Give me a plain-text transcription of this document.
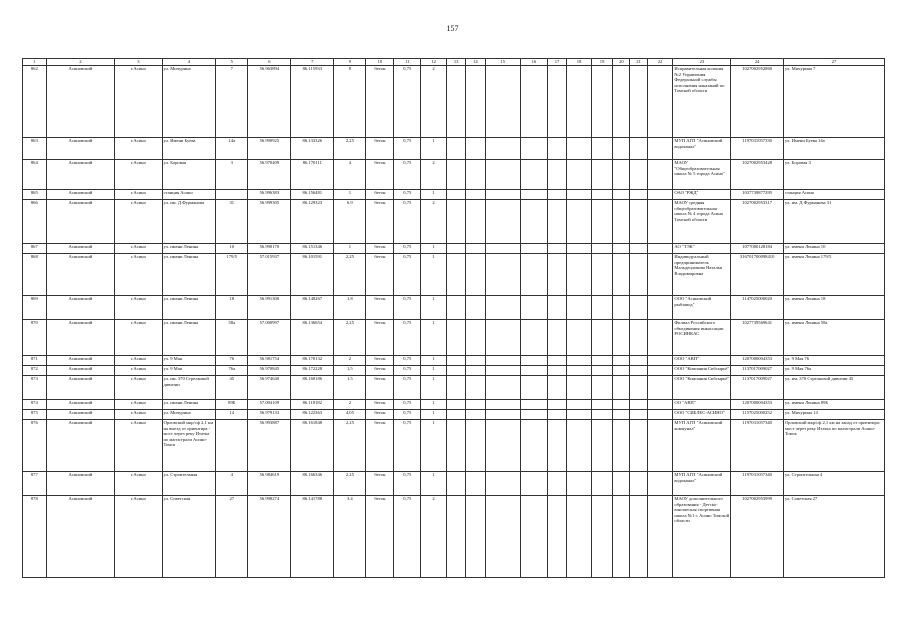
157
1	2	3	4	5	6	7	9	10	11	12	13	14	15	16	17	18	19	20	21	22	23	24	27
862	Асиновский	г.Асино	ул. Мичурина	7	56.963894	86.115933	8	бетон	0,75	2											Исправительная колония №2 Управления Федеральной службы исполнения наказаний по Томской области	1027002952860	ул. Мичурина 7
863	Асиновский	г.Асино	ул. Имени Буева	14а	56.990925	86.133326	2,25	бетон	0,75	1											МУП АГП "Асиновский водоканал"	1197031057330	ул. Имени Буева 14а
864	Асиновский	г.Асино	ул. Боровая	3	56.970409	86.170111	4	бетон	0,75	2											МАОУ "Общеобразовательная школа № 5 города Асино"	1027002953428	ул. Боровая 3
865	Асиновский	г.Асино	станция Асино		56.996383	86.156481	1	бетон	0,75	1											ОАО "РЖД"	1037739877295	станция Асино
866	Асиновский	г.Асино	ул. им. Д.Фурманова	31	56.999305	86.129323	6.9	бетон	0,75	2											МАОУ средняя общеобразовательная школа № 4 города Асино Томской области	1027002953317	ул. им. Д.Фурманова 31
867	Асиновский	г.Асино	ул. имени Ленина	10	56.990170	86.151346	1	бетон	0,75	1											АО "ТЭК"	1077000128184	ул. имени Ленина 10
868	Асиновский	г.Асино	ул. имени Ленина	179/5	57.015937	86.101591	2,25	бетон	0,75	1											Индивидуальный предприниматель Мальдецликова Наталья Владимировна	316701700098410	ул. имени Ленина 179/5
869	Асиновский	г.Асино	ул. имени Ленина	18	56.991300	86.148267	1.8	бетон	0,75	1											ООО "Асиновский рыбзавод"	1147025000020	ул. имени Ленина 18
870	Асиновский	г.Асино	ул. имени Ленина	58а	57.000997	86.136654	2,25	бетон	0,75	1											Филиал Российского объединения инкассации РОСИНКАС	1027739569641	ул. имени Ленина 58а
871	Асиновский	г.Асино	ул. 9 Мая	76	56.981754	86.170132	2	бетон	0,75	1											ООО "АВП"	1207000004353	ул. 9 Мая 76
872	Асиновский	г.Асино	ул. 9 Мая	76а	56.970845	86.172228	1,5	бетон	0,75	1											ООО "Компания Сибсырьё"	1137017009027	ул. 9 Мая 76а
873	Асиновский	г.Асино	ул. им. 370 Стрелковой дивизии	45	56.974640	86.168186	1.5	бетон	0,75	1											ООО "Компания Сибсырьё"	1137017009027	ул. им. 370 Стрелковой дивизии 45
874	Асиновский	г.Асино	ул. имени Ленина	89Б	57.004109	86.118182	2	бетон	0,75	1											ОО "АВП"	1207000004353	ул. имени Ленина 89Б
875	Асиновский	г.Асино	ул. Мичурина	14	56.979133	86.122363	4,05	бетон	0,75	1											ООО "СИБЛЕС-АСИНО"	1157025000252	ул. Мичурина 14
876	Асиновский	г.Асино	Орловский мкр/сф 2,1 км на выезд от ориентира - мост через реку Итатка по магистрали Асино-Томск		56.993887	86.161848	2,25	бетон	0,75	1											МУП АГП "Асиновский коммунал"	1197031057340	Орловский мкр/сф 2,1 км на запад от ориентира: мост через реку Итатка по магистрали Асино-Томск
877	Асиновский	г.Асино	ул. Строительная	4	56.984619	86.166346	2.25	бетон	0,75	1											МУП АГП "Асиновский водоканал"	1197031057340	ул. Строительная 4
878	Асиновский	г.Асино	ул. Советская	27	56.998274	86.141788	3.4	бетон	0,75	2											МАОУ дополнительного образования - Детско-юношеская спортивная школа №1 г. Асино Томской области	1027002953999	ул. Советская 27
